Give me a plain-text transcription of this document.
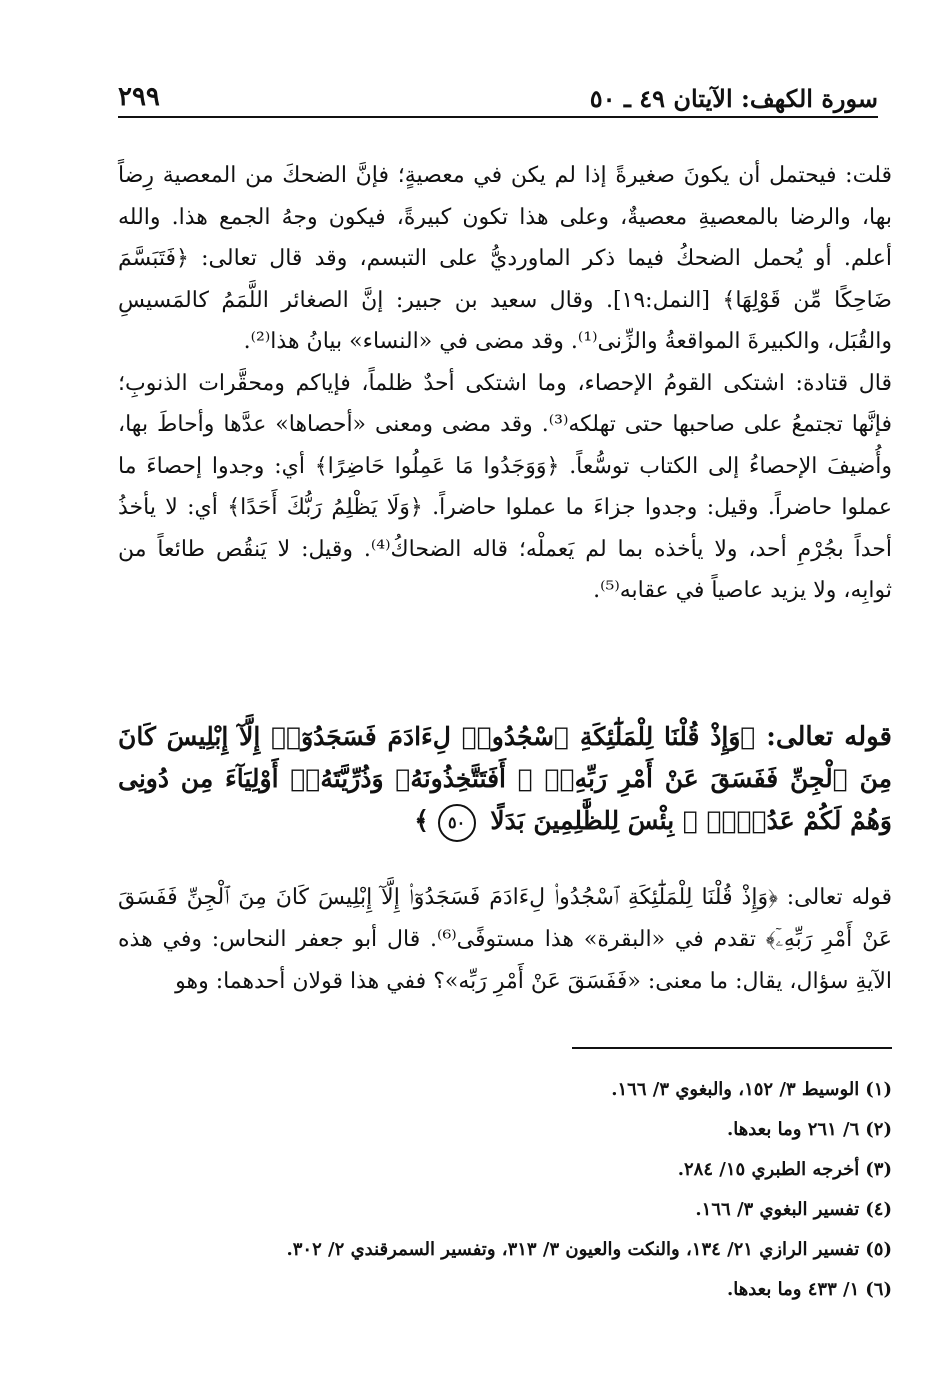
سورة الكهف: الآيتان ٤٩ ـ ٥٠
٢٩٩

قلت: فيحتمل أن يكونَ صغيرةً إذا لم يكن في معصيةٍ؛ فإنَّ الضحكَ من المعصية رِضاً بها، والرضا بالمعصيةِ معصيةٌ، وعلى هذا تكون كبيرةً، فيكون وجهُ الجمع هذا. والله أعلم. أو يُحمل الضحكُ فيما ذكر الماورديُّ على التبسم، وقد قال تعالى: ﴿فَتَبَسَّمَ ضَاحِكًا مِّن قَوْلِهَا﴾ [النمل:١٩]. وقال سعيد بن جبير: إنَّ الصغائر اللَّمَمُ كالمَسيسِ والقُبَل، والكبيرةَ المواقعةُ والزِّنى⁽¹⁾. وقد مضى في «النساء» بيانُ هذا⁽²⁾.

قال قتادة: اشتكى القومُ الإحصاء، وما اشتكى أحدٌ ظلماً، فإياكم ومحقَّرات الذنوبِ؛ فإنَّها تجتمعُ على صاحبها حتى تهلكه⁽³⁾. وقد مضى ومعنى «أحصاها» عدَّها وأحاطَ بها، وأُضيفَ الإحصاءُ إلى الكتاب توسُّعاً. ﴿وَوَجَدُوا مَا عَمِلُوا حَاضِرًا﴾ أي: وجدوا إحصاءَ ما عملوا حاضراً. وقيل: وجدوا جزاءَ ما عملوا حاضراً. ﴿وَلَا يَظْلِمُ رَبُّكَ أَحَدًا﴾ أي: لا يأخذُ أحداً بجُرْمِ أحد، ولا يأخذه بما لم يَعملْه؛ قاله الضحاكُ⁽⁴⁾. وقيل: لا يَنقُص طائعاً من ثوابِه، ولا يزيد عاصياً في عقابه⁽⁵⁾.

قوله تعالى: ﴿وَإِذْ قُلْنَا لِلْمَلَٰٓئِكَةِ ٱسْجُدُوا۟ لِءَادَمَ فَسَجَدُوٓا۟ إِلَّآ إِبْلِيسَ كَانَ مِنَ ٱلْجِنِّ فَفَسَقَ عَنْ أَمْرِ رَبِّهِۦٓ ۗ أَفَتَتَّخِذُونَهُۥ وَذُرِّيَّتَهُۥٓ أَوْلِيَآءَ مِن دُونِى وَهُمْ لَكُمْ عَدُوٌّۢ ۚ بِئْسَ لِلظَّٰلِمِينَ بَدَلًا ٥٠ ﴾

قوله تعالى: ﴿وَإِذْ قُلْنَا لِلْمَلَٰٓئِكَةِ ٱسْجُدُوا۟ لِءَادَمَ فَسَجَدُوٓا۟ إِلَّآ إِبْلِيسَ كَانَ مِنَ ٱلْجِنِّ فَفَسَقَ عَنْ أَمْرِ رَبِّهِۦٓ﴾ تقدم في «البقرة» هذا مستوفًى⁽⁶⁾. قال أبو جعفر النحاس: وفي هذه الآيةِ سؤال، يقال: ما معنى: «فَفَسَقَ عَنْ أَمْرِ رَبِّه»؟ ففي هذا قولان أحدهما: وهو

(١)الوسيط ٣/ ١٥٢، والبغوي ٣/ ١٦٦.

(٢)٦/ ٢٦١ وما بعدها.

(٣)أخرجه الطبري ١٥/ ٢٨٤.

(٤)تفسير البغوي ٣/ ١٦٦.

(٥)تفسير الرازي ٢١/ ١٣٤، والنكت والعيون ٣/ ٣١٣، وتفسير السمرقندي ٢/ ٣٠٢.

(٦)١/ ٤٣٣ وما بعدها.
